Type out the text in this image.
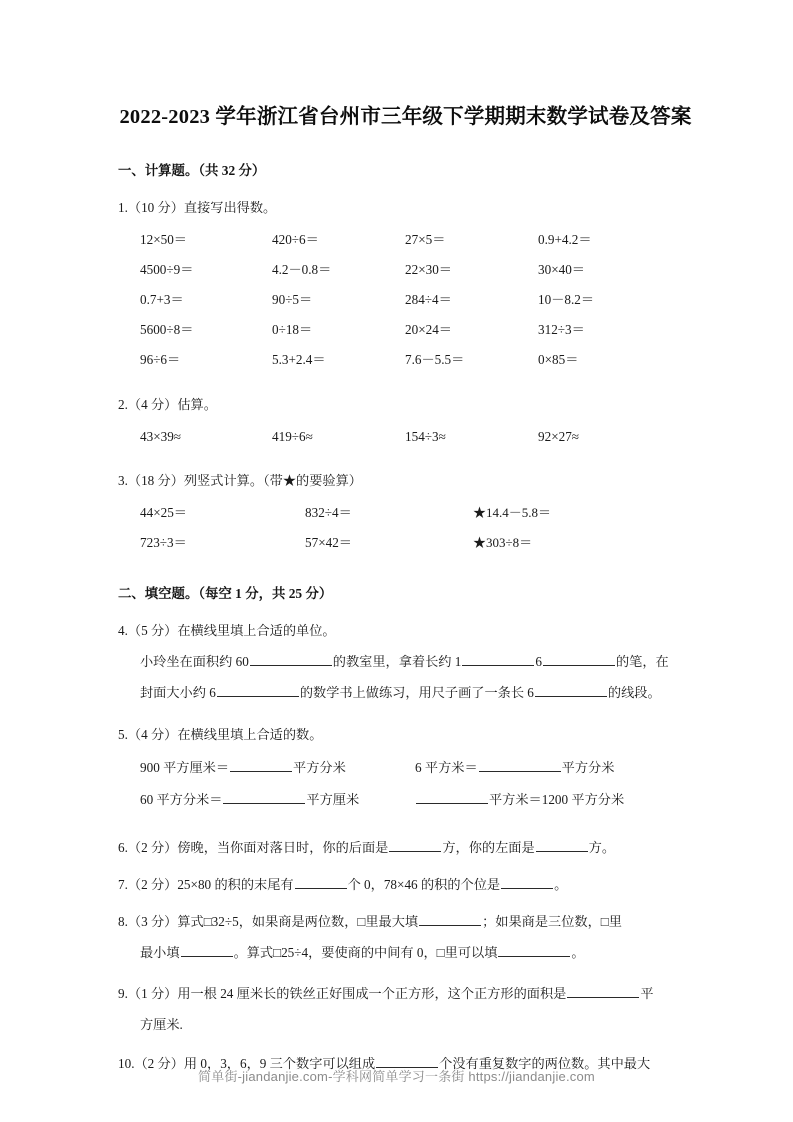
2022-2023 学年浙江省台州市三年级下学期期末数学试卷及答案
一、计算题。（共 32 分）
1.（10 分）直接写出得数。
12×50＝	420÷6＝	27×5＝	0.9+4.2＝
4500÷9＝	4.2－0.8＝	22×30＝	30×40＝
0.7+3＝	90÷5＝	284÷4＝	10－8.2＝
5600÷8＝	0÷18＝	20×24＝	312÷3＝
96÷6＝	5.3+2.4＝	7.6－5.5＝	0×85＝
2.（4 分）估算。
43×39≈	419÷6≈	154÷3≈	92×27≈
3.（18 分）列竖式计算。（带★的要验算）
44×25＝	832÷4＝	★14.4－5.8＝
723÷3＝	57×42＝	★303÷8＝
二、填空题。（每空 1 分，共 25 分）
4.（5 分）在横线里填上合适的单位。
小玲坐在面积约 60	的教室里，拿着长约 1	6	的笔，在
封面大小约 6	的数学书上做练习，用尺子画了一条长 6	的线段。
5.（4 分）在横线里填上合适的数。
900 平方厘米＝	平方分米	6 平方米＝	平方分米
60 平方分米＝	平方厘米	平方米＝1200 平方分米
6.（2 分）傍晚，当你面对落日时，你的后面是	方，你的左面是	方。
7.（2 分）25×80 的积的末尾有	个 0，78×46 的积的个位是	。
8.（3 分）算式□32÷5，如果商是两位数，□里最大填	；如果商是三位数，□里
最小填	。算式□25÷4，要使商的中间有 0，□里可以填	。
9.（1 分）用一根 24 厘米长的铁丝正好围成一个正方形，这个正方形的面积是	平
方厘米.
10.（2 分）用 0，3，6，9 三个数字可以组成	个没有重复数字的两位数。其中最大
简单街-jiandanjie.com-学科网简单学习一条街 https://jiandanjie.com
